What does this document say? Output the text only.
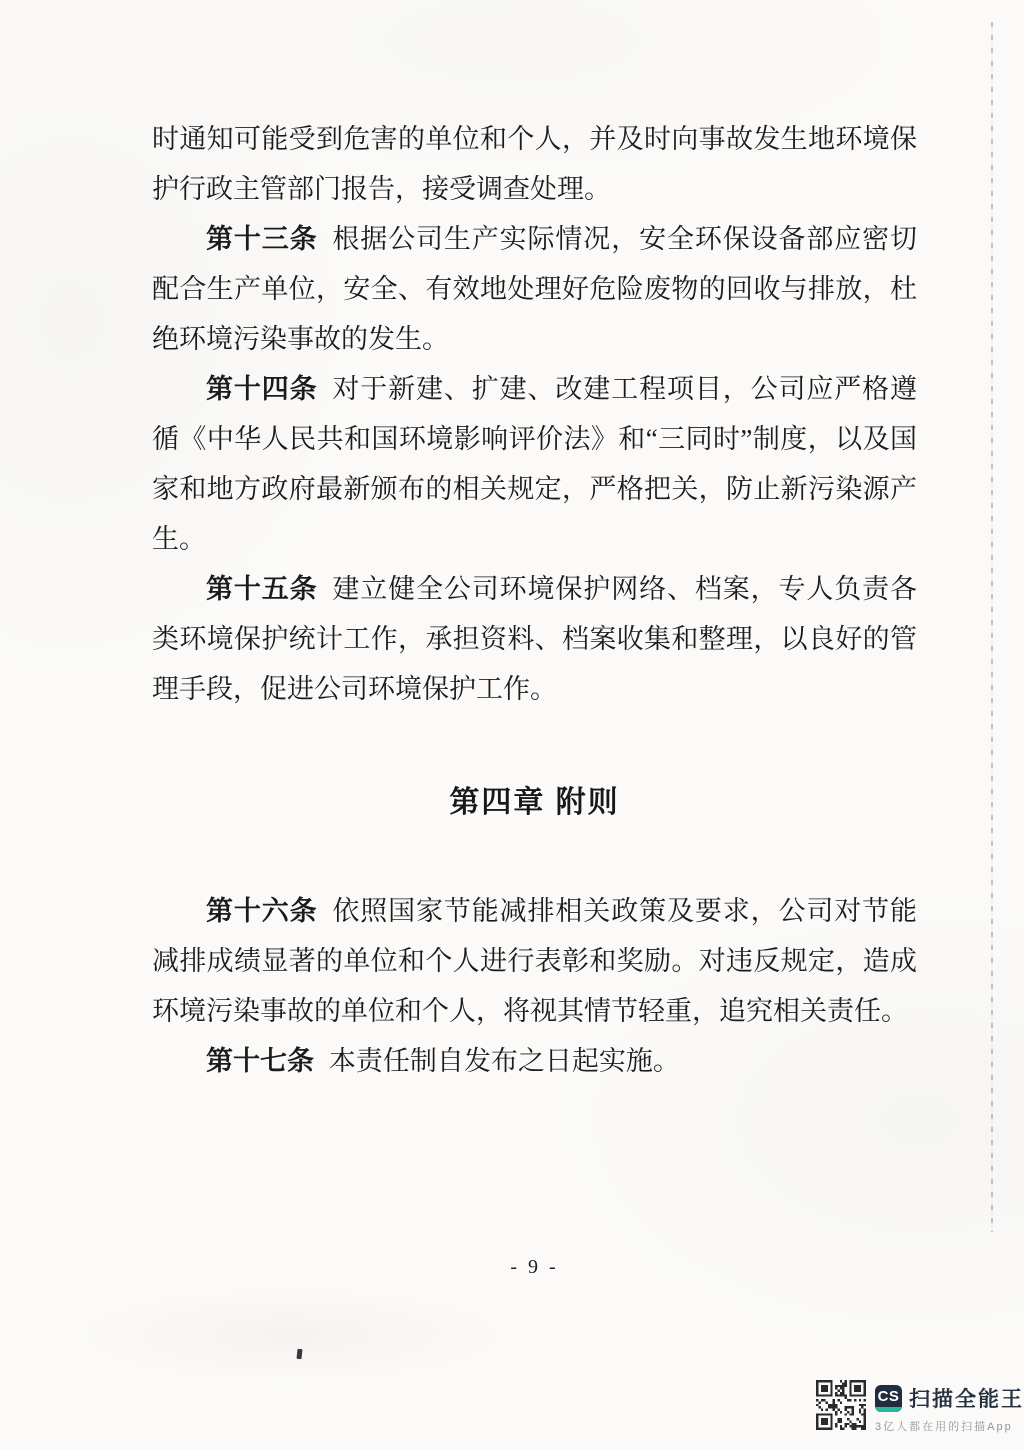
时通知可能受到危害的单位和个人，并及时向事故发生地环境保护行政主管部门报告，接受调查处理。

第十三条 根据公司生产实际情况，安全环保设备部应密切配合生产单位，安全、有效地处理好危险废物的回收与排放，杜绝环境污染事故的发生。

第十四条 对于新建、扩建、改建工程项目，公司应严格遵循《中华人民共和国环境影响评价法》和“三同时”制度，以及国家和地方政府最新颁布的相关规定，严格把关，防止新污染源产生。

第十五条 建立健全公司环境保护网络、档案，专人负责各类环境保护统计工作，承担资料、档案收集和整理，以良好的管理手段，促进公司环境保护工作。

第四章 附则

第十六条 依照国家节能减排相关政策及要求，公司对节能减排成绩显著的单位和个人进行表彰和奖励。对违反规定，造成环境污染事故的单位和个人，将视其情节轻重，追究相关责任。

第十七条 本责任制自发布之日起实施。

- 9 -
CS 扫描全能王
3亿人都在用的扫描App
